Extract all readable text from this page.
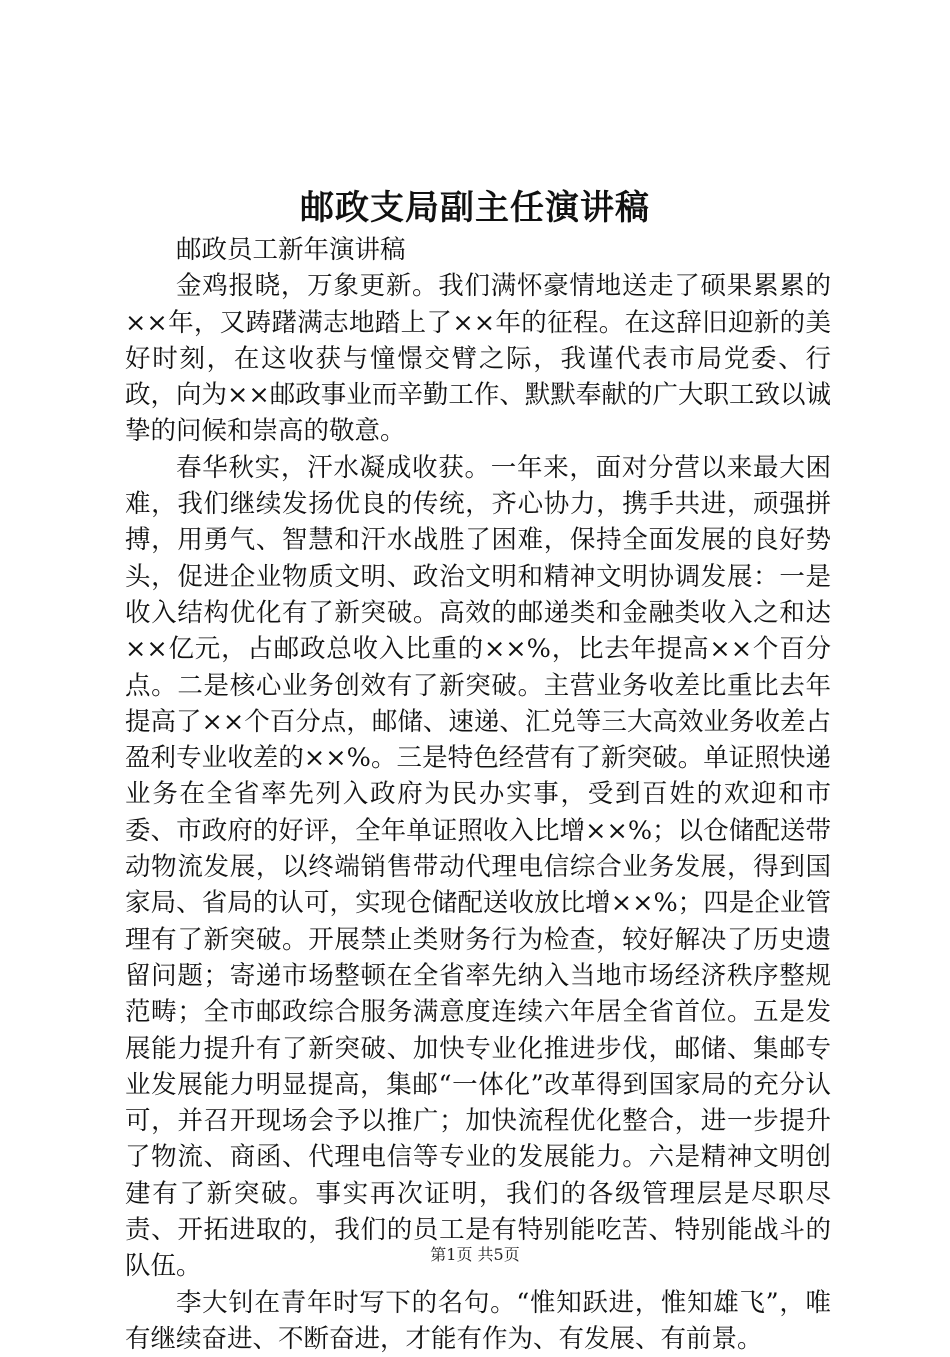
邮政支局副主任演讲稿

邮政员工新年演讲稿

金鸡报晓，万象更新。我们满怀豪情地送走了硕果累累的××年，又踌躇满志地踏上了××年的征程。在这辞旧迎新的美好时刻，在这收获与憧憬交臂之际，我谨代表市局党委、行政，向为××邮政事业而辛勤工作、默默奉献的广大职工致以诚挚的问候和崇高的敬意。

春华秋实，汗水凝成收获。一年来，面对分营以来最大困难，我们继续发扬优良的传统，齐心协力，携手共进，顽强拼搏，用勇气、智慧和汗水战胜了困难，保持全面发展的良好势头，促进企业物质文明、政治文明和精神文明协调发展：一是收入结构优化有了新突破。高效的邮递类和金融类收入之和达××亿元，占邮政总收入比重的××%，比去年提高××个百分点。二是核心业务创效有了新突破。主营业务收差比重比去年提高了××个百分点，邮储、速递、汇兑等三大高效业务收差占盈利专业收差的××%。三是特色经营有了新突破。单证照快递业务在全省率先列入政府为民办实事，受到百姓的欢迎和市委、市政府的好评，全年单证照收入比增××%；以仓储配送带动物流发展，以终端销售带动代理电信综合业务发展，得到国家局、省局的认可，实现仓储配送收放比增××%；四是企业管理有了新突破。开展禁止类财务行为检查，较好解决了历史遗留问题；寄递市场整顿在全省率先纳入当地市场经济秩序整规范畴；全市邮政综合服务满意度连续六年居全省首位。五是发展能力提升有了新突破、加快专业化推进步伐，邮储、集邮专业发展能力明显提高，集邮“一体化”改革得到国家局的充分认可，并召开现场会予以推广；加快流程优化整合，进一步提升了物流、商函、代理电信等专业的发展能力。六是精神文明创建有了新突破。事实再次证明，我们的各级管理层是尽职尽责、开拓进取的，我们的员工是有特别能吃苦、特别能战斗的队伍。

李大钊在青年时写下的名句。“惟知跃进，惟知雄飞”，唯有继续奋进、不断奋进，才能有作为、有发展、有前景。

第1页 共5页
